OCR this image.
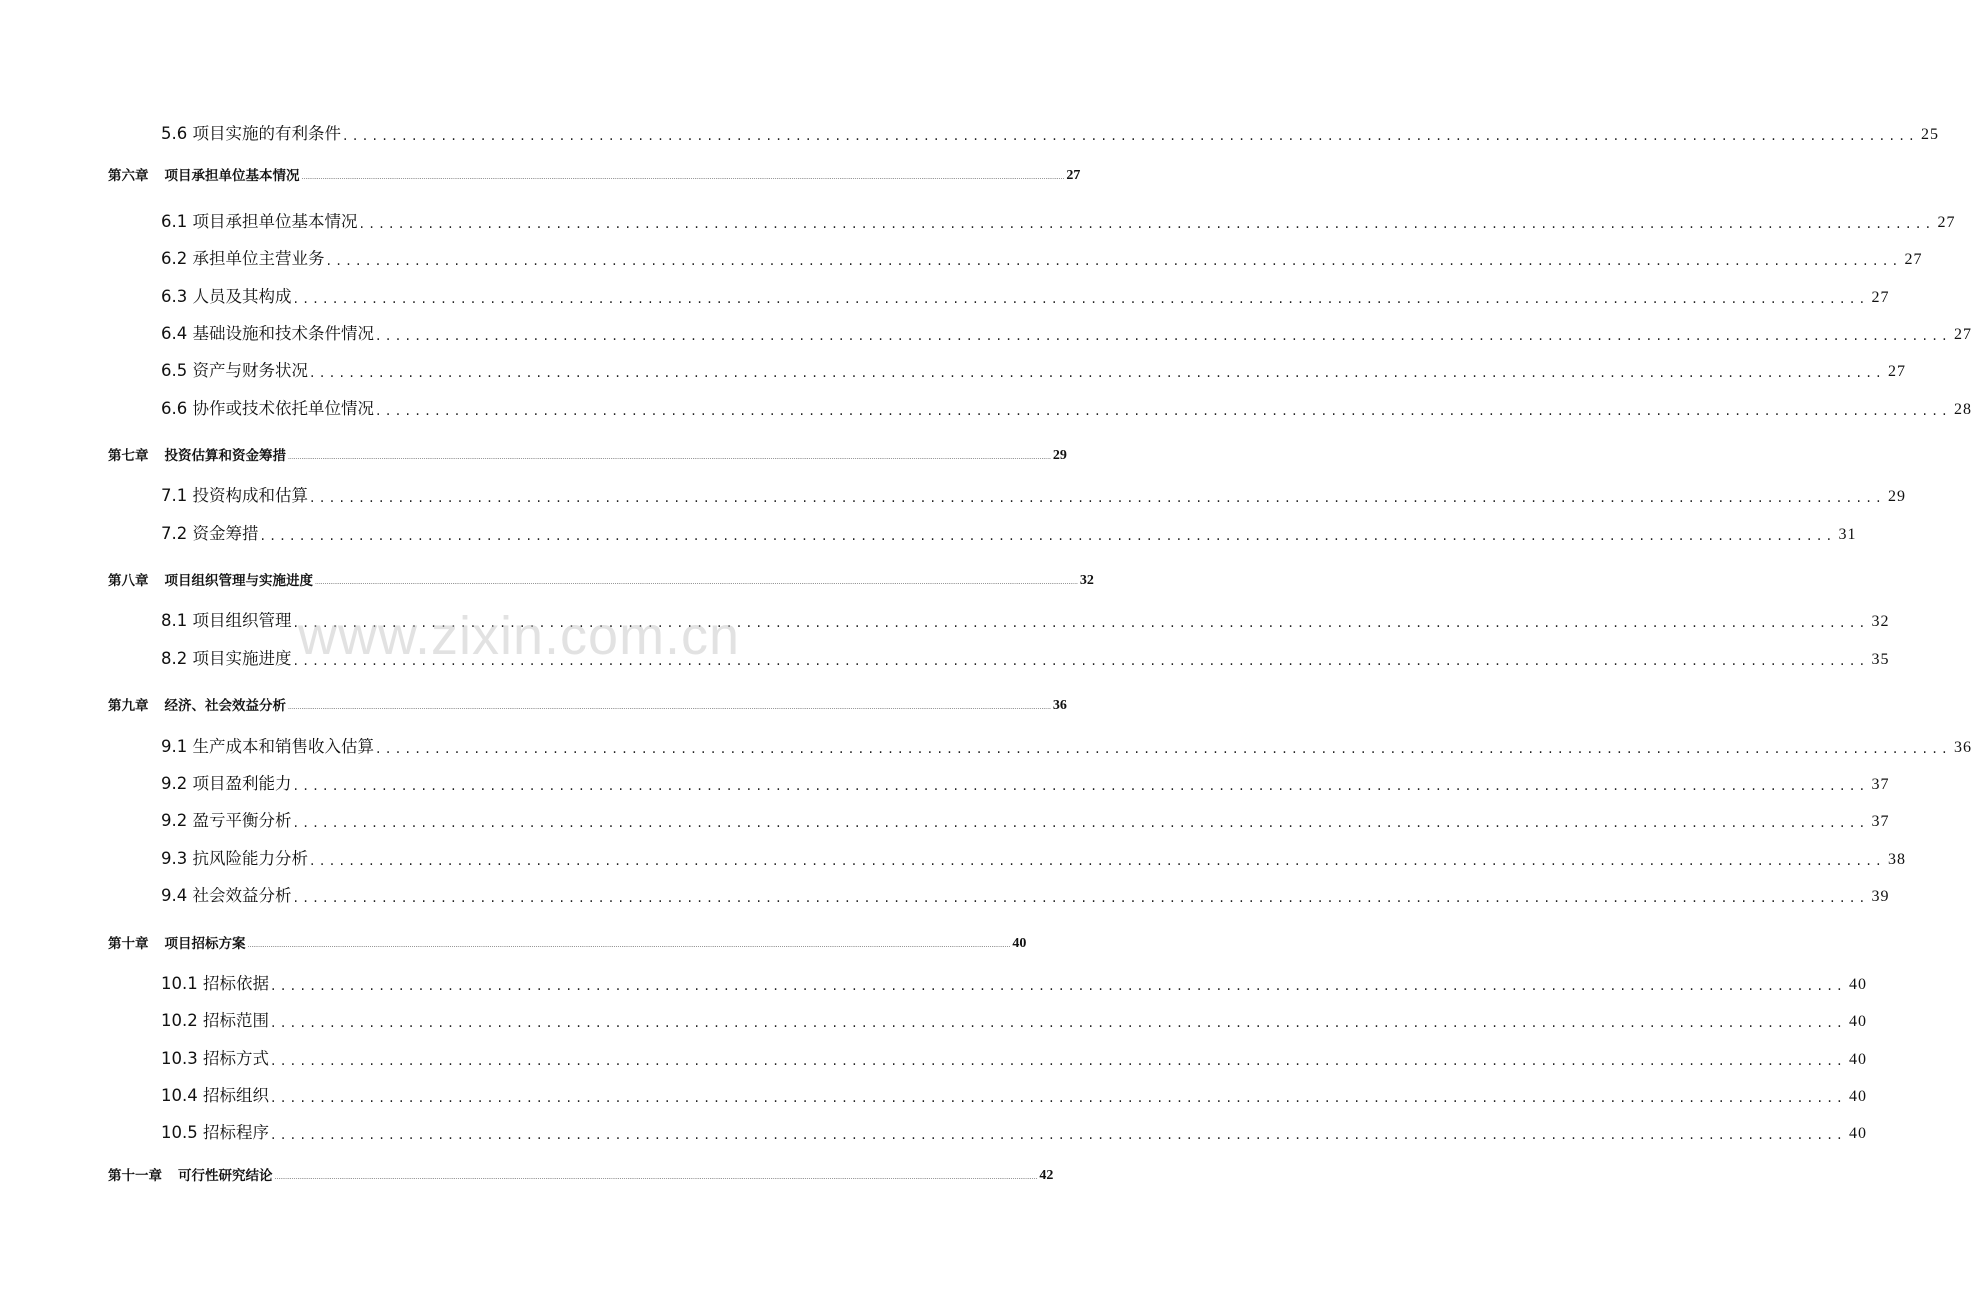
5.6 项目实施的有利条件 ................................................................................................................................................................ 25
第六章 项目承担单位基本情况 ................................................................................................................................................................................................................................................................................................................................................................................................................ 27
6.1 项目承担单位基本情况 ................................................................................................................................................................ 27
6.2 承担单位主营业务 ................................................................................................................................................................ 27
6.3 人员及其构成 ................................................................................................................................................................ 27
6.4 基础设施和技术条件情况 ................................................................................................................................................................ 27
6.5 资产与财务状况 ................................................................................................................................................................ 27
6.6 协作或技术依托单位情况 ................................................................................................................................................................ 28
第七章 投资估算和资金筹措 ................................................................................................................................................................................................................................................................................................................................................................................................................ 29
7.1 投资构成和估算 ................................................................................................................................................................ 29
7.2 资金筹措 ................................................................................................................................................................ 31
第八章 项目组织管理与实施进度 ................................................................................................................................................................................................................................................................................................................................................................................................................ 32
8.1 项目组织管理 ................................................................................................................................................................ 32
8.2 项目实施进度 ................................................................................................................................................................ 35
第九章 经济、社会效益分析 ................................................................................................................................................................................................................................................................................................................................................................................................................ 36
9.1 生产成本和销售收入估算 ................................................................................................................................................................ 36
9.2 项目盈利能力 ................................................................................................................................................................ 37
9.2 盈亏平衡分析 ................................................................................................................................................................ 37
9.3 抗风险能力分析 ................................................................................................................................................................ 38
9.4 社会效益分析 ................................................................................................................................................................ 39
第十章 项目招标方案 ................................................................................................................................................................................................................................................................................................................................................................................................................ 40
10.1 招标依据 ................................................................................................................................................................ 40
10.2 招标范围 ................................................................................................................................................................ 40
10.3 招标方式 ................................................................................................................................................................ 40
10.4 招标组织 ................................................................................................................................................................ 40
10.5 招标程序 ................................................................................................................................................................ 40
第十一章 可行性研究结论 ................................................................................................................................................................................................................................................................................................................................................................................................................ 42
www.zixin.com.cn
